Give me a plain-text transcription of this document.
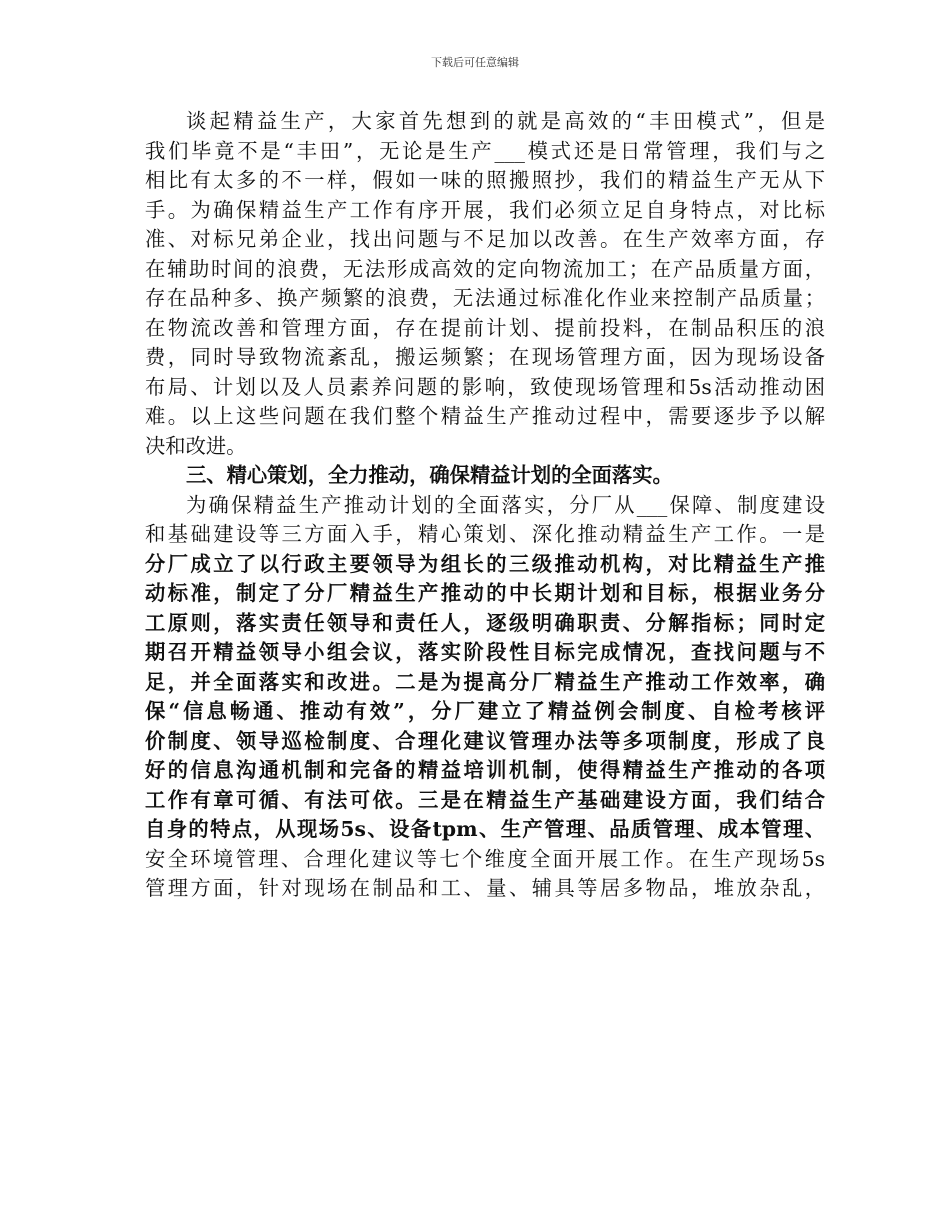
下载后可任意编辑
谈起精益生产，大家首先想到的就是高效的“丰田模式”，但是
我们毕竟不是“丰田”，无论是生产___模式还是日常管理，我们与之
相比有太多的不一样，假如一味的照搬照抄，我们的精益生产无从下
手。为确保精益生产工作有序开展，我们必须立足自身特点，对比标
准、对标兄弟企业，找出问题与不足加以改善。在生产效率方面，存
在辅助时间的浪费，无法形成高效的定向物流加工；在产品质量方面，
存在品种多、换产频繁的浪费，无法通过标准化作业来控制产品质量；
在物流改善和管理方面，存在提前计划、提前投料，在制品积压的浪
费，同时导致物流紊乱，搬运频繁；在现场管理方面，因为现场设备
布局、计划以及人员素养问题的影响，致使现场管理和5s活动推动困
难。以上这些问题在我们整个精益生产推动过程中，需要逐步予以解
决和改进。
三、精心策划，全力推动，确保精益计划的全面落实。
为确保精益生产推动计划的全面落实，分厂从___保障、制度建设
和基础建设等三方面入手，精心策划、深化推动精益生产工作。一是
分厂成立了以行政主要领导为组长的三级推动机构，对比精益生产推
动标准，制定了分厂精益生产推动的中长期计划和目标，根据业务分
工原则，落实责任领导和责任人，逐级明确职责、分解指标；同时定
期召开精益领导小组会议，落实阶段性目标完成情况，查找问题与不
足，并全面落实和改进。二是为提高分厂精益生产推动工作效率，确
保“信息畅通、推动有效”，分厂建立了精益例会制度、自检考核评
价制度、领导巡检制度、合理化建议管理办法等多项制度，形成了良
好的信息沟通机制和完备的精益培训机制，使得精益生产推动的各项
工作有章可循、有法可依。三是在精益生产基础建设方面，我们结合
自身的特点，从现场5s、设备tpm、生产管理、品质管理、成本管理、
安全环境管理、合理化建议等七个维度全面开展工作。在生产现场5s
管理方面，针对现场在制品和工、量、辅具等居多物品，堆放杂乱，
